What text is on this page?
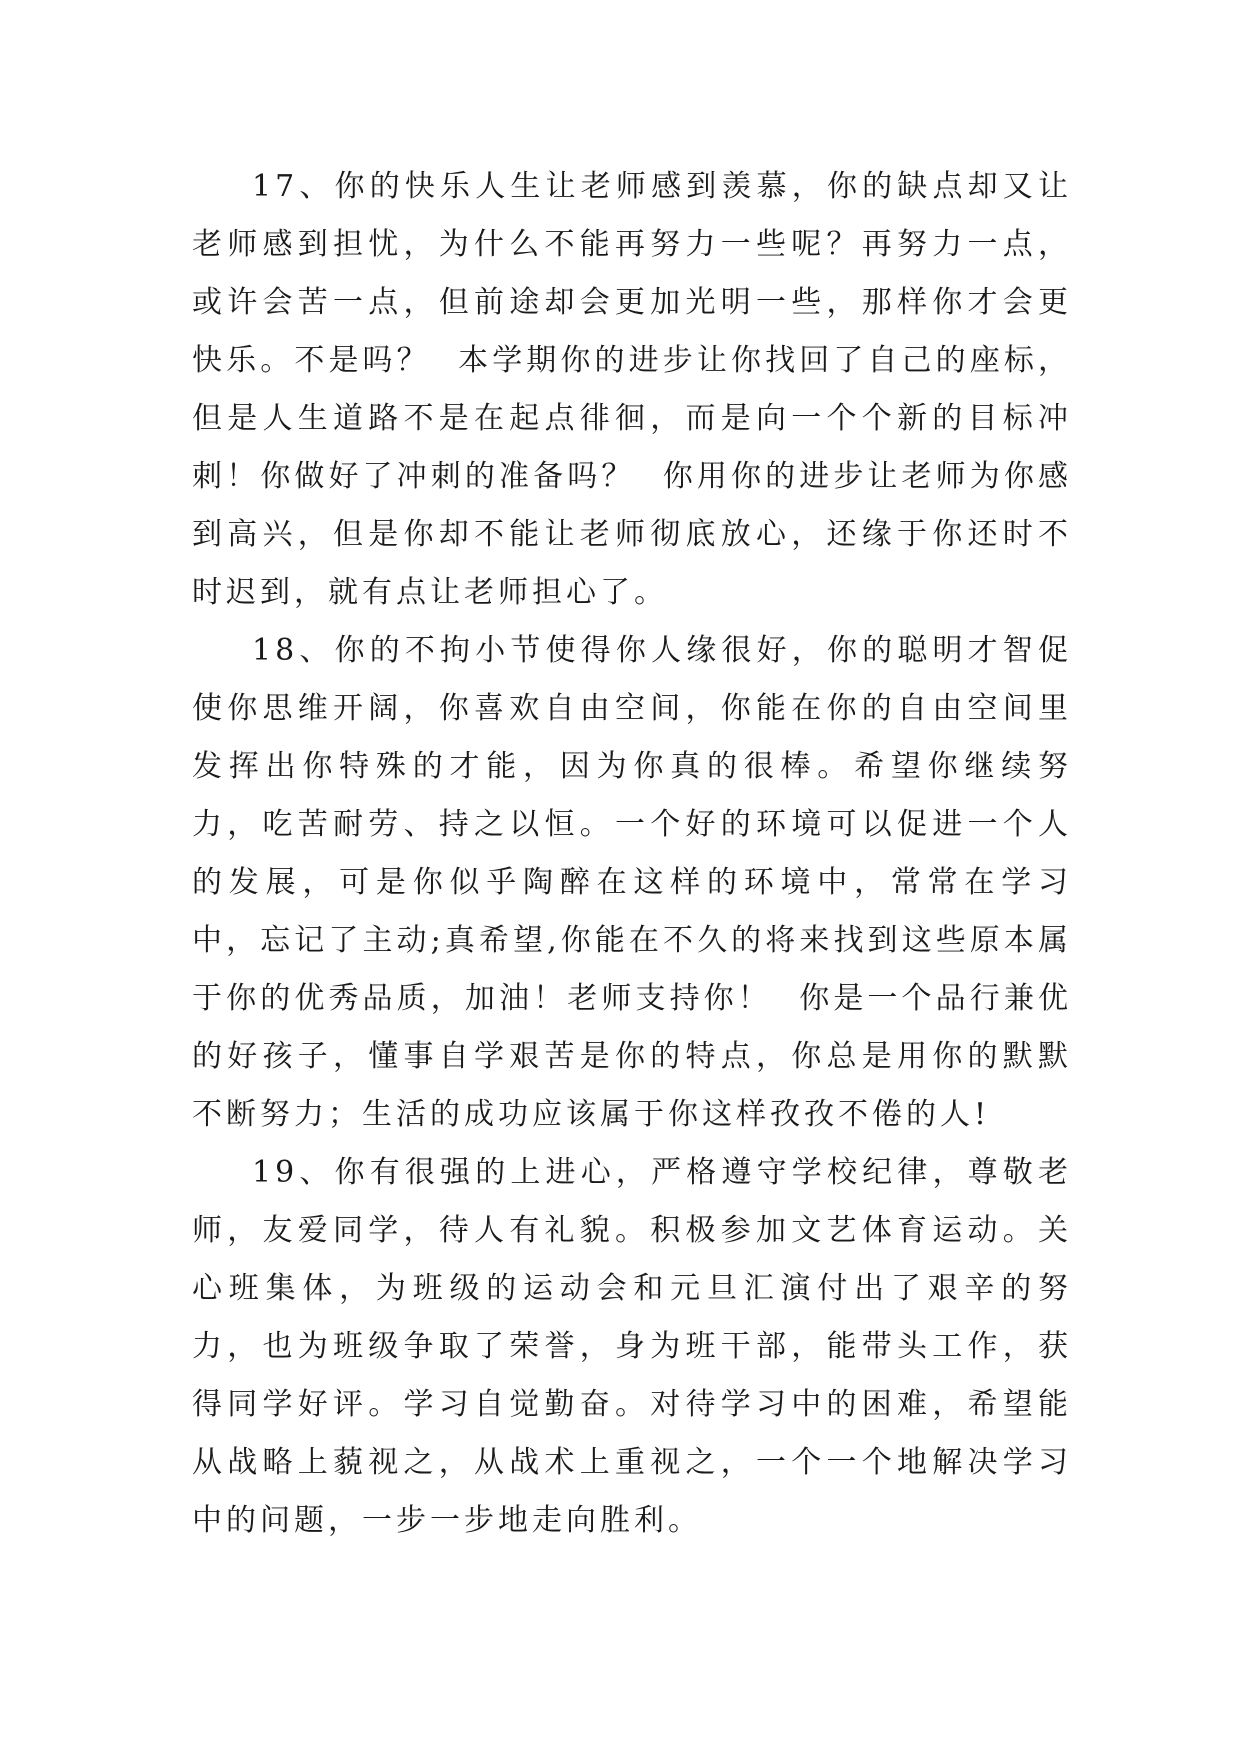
17、你的快乐人生让老师感到羡慕，你的缺点却又让老师感到担忧，为什么不能再努力一些呢？再努力一点，或许会苦一点，但前途却会更加光明一些，那样你才会更快乐。不是吗？  本学期你的进步让你找回了自己的座标，但是人生道路不是在起点徘徊，而是向一个个新的目标冲刺！你做好了冲刺的准备吗？  你用你的进步让老师为你感到高兴，但是你却不能让老师彻底放心，还缘于你还时不时迟到，就有点让老师担心了。

18、你的不拘小节使得你人缘很好，你的聪明才智促使你思维开阔，你喜欢自由空间，你能在你的自由空间里发挥出你特殊的才能，因为你真的很棒。希望你继续努力，吃苦耐劳、持之以恒。一个好的环境可以促进一个人的发展，可是你似乎陶醉在这样的环境中，常常在学习中，忘记了主动;真希望,你能在不久的将来找到这些原本属于你的优秀品质，加油！老师支持你！  你是一个品行兼优的好孩子，懂事自学艰苦是你的特点，你总是用你的默默不断努力；生活的成功应该属于你这样孜孜不倦的人!

19、你有很强的上进心，严格遵守学校纪律，尊敬老师，友爱同学，待人有礼貌。积极参加文艺体育运动。关心班集体，为班级的运动会和元旦汇演付出了艰辛的努力，也为班级争取了荣誉，身为班干部，能带头工作，获得同学好评。学习自觉勤奋。对待学习中的困难，希望能从战略上藐视之，从战术上重视之，一个一个地解决学习中的问题，一步一步地走向胜利。
